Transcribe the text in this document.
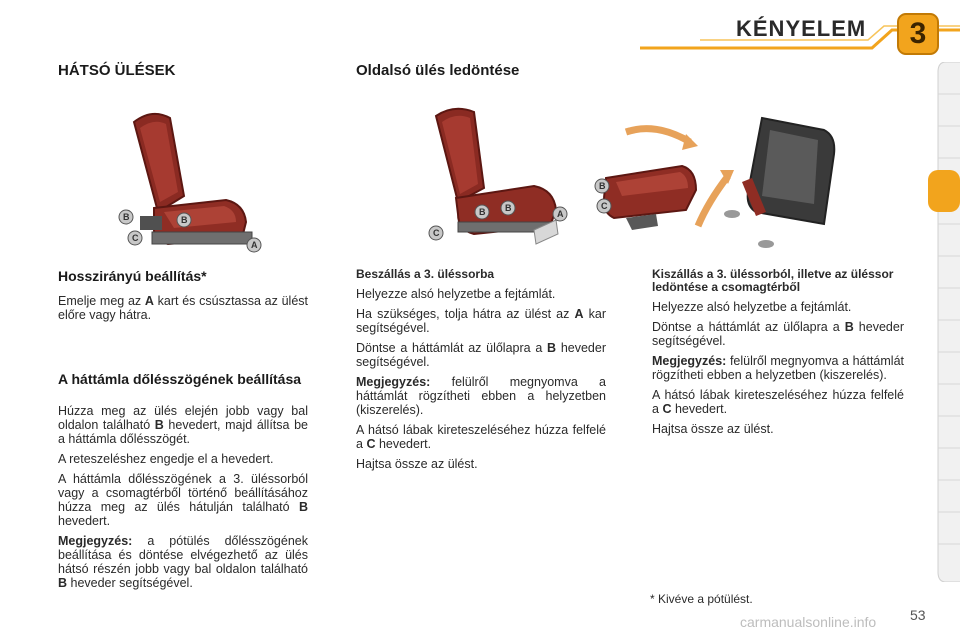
KÉNYELEM	3
HÁTSÓ ÜLÉSEK	Oldalsó ülés ledöntése
B	B
C
A
B B
C
A
B
C
Hosszirányú beállítás*

Emelje meg az A kart és csúsztassa az ülést előre vagy hátra.

A háttámla dőlésszögének beállítása

Húzza meg az ülés elején jobb vagy bal oldalon található B hevedert, majd állítsa be a háttámla dőlésszögét.

A reteszeléshez engedje el a hevedert.

A háttámla dőlésszögének a 3. üléssorból vagy a csomagtérből történő beállításához húzza meg az ülés hátulján található B hevedert.

Megjegyzés: a pótülés dőlésszögének beállítása és döntése elvégezhető az ülés hátsó részén jobb vagy bal oldalon található B heveder segítségével.

Beszállás a 3. üléssorba

Helyezze alsó helyzetbe a fejtámlát.

Ha szükséges, tolja hátra az ülést az A kar segítségével.

Döntse a háttámlát az ülőlapra a B heveder segítségével.

Megjegyzés: felülről megnyomva a háttámlát rögzítheti ebben a helyzetben (kiszerelés).

A hátsó lábak kireteszeléséhez húzza felfelé a C hevedert.

Hajtsa össze az ülést.

Kiszállás a 3. üléssorból, illetve az üléssor ledöntése a csomagtérből

Helyezze alsó helyzetbe a fejtámlát.

Döntse a háttámlát az ülőlapra a B heveder segítségével.

Megjegyzés: felülről megnyomva a háttámlát rögzítheti ebben a helyzetben (kiszerelés).

A hátsó lábak kireteszeléséhez húzza felfelé a C hevedert.

Hajtsa össze az ülést.

* Kivéve a pótülést.
carmanualsonline.info 53
